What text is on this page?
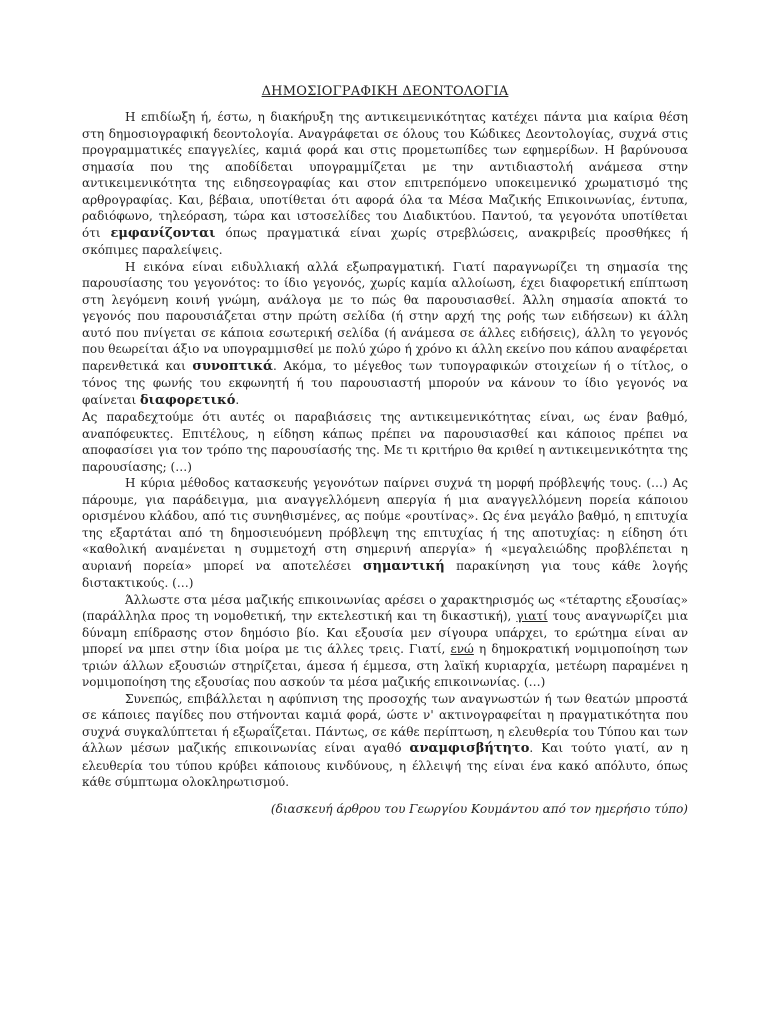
ΔΗΜΟΣΙΟΓΡΑΦΙΚΗ ΔΕΟΝΤΟΛΟΓΙΑ

Η επιδίωξη ή, έστω, η διακήρυξη της αντικειμενικότητας κατέχει πάντα μια καίρια θέση στη δημοσιογραφική δεοντολογία. Αναγράφεται σε όλους του Κώδικες Δεοντολογίας, συχνά στις προγραμματικές επαγγελίες, καμιά φορά και στις προμετωπίδες των εφημερίδων. Η βαρύνουσα σημασία που της αποδίδεται υπογραμμίζεται με την αντιδιαστολή ανάμεσα στην αντικειμενικότητα της ειδησεογραφίας και στον επιτρεπόμενο υποκειμενικό χρωματισμό της αρθρογραφίας. Και, βέβαια, υποτίθεται ότι αφορά όλα τα Μέσα Μαζικής Επικοινωνίας, έντυπα, ραδιόφωνο, τηλεόραση, τώρα και ιστοσελίδες του Διαδικτύου. Παντού, τα γεγονότα υποτίθεται ότι εμφανίζονται όπως πραγματικά είναι χωρίς στρεβλώσεις, ανακριβείς προσθήκες ή σκόπιμες παραλείψεις.

Η εικόνα είναι ειδυλλιακή αλλά εξωπραγματική. Γιατί παραγνωρίζει τη σημασία της παρουσίασης του γεγονότος: το ίδιο γεγονός, χωρίς καμία αλλοίωση, έχει διαφορετική επίπτωση στη λεγόμενη κοινή γνώμη, ανάλογα με το πώς θα παρουσιασθεί. Άλλη σημασία αποκτά το γεγονός που παρουσιάζεται στην πρώτη σελίδα (ή στην αρχή της ροής των ειδήσεων) κι άλλη αυτό που πνίγεται σε κάποια εσωτερική σελίδα (ή ανάμεσα σε άλλες ειδήσεις), άλλη το γεγονός που θεωρείται άξιο να υπογραμμισθεί με πολύ χώρο ή χρόνο κι άλλη εκείνο που κάπου αναφέρεται παρενθετικά και συνοπτικά. Ακόμα, το μέγεθος των τυπογραφικών στοιχείων ή ο τίτλος, ο τόνος της φωνής του εκφωνητή ή του παρουσιαστή μπορούν να κάνουν το ίδιο γεγονός να φαίνεται διαφορετικό.

Ας παραδεχτούμε ότι αυτές οι παραβιάσεις της αντικειμενικότητας είναι, ως έναν βαθμό, αναπόφευκτες. Επιτέλους, η είδηση κάπως πρέπει να παρουσιασθεί και κάποιος πρέπει να αποφασίσει για τον τρόπο της παρουσίασής της. Με τι κριτήριο θα κριθεί η αντικειμενικότητα της παρουσίασης; (…)

Η κύρια μέθοδος κατασκευής γεγονότων παίρνει συχνά τη μορφή πρόβλεψής τους. (…) Ας πάρουμε, για παράδειγμα, μια αναγγελλόμενη απεργία ή μια αναγγελλόμενη πορεία κάποιου ορισμένου κλάδου, από τις συνηθισμένες, ας πούμε «ρουτίνας». Ως ένα μεγάλο βαθμό, η επιτυχία της εξαρτάται από τη δημοσιευόμενη πρόβλεψη της επιτυχίας ή της αποτυχίας: η είδηση ότι «καθολική αναμένεται η συμμετοχή στη σημερινή απεργία» ή «μεγαλειώδης προβλέπεται η αυριανή πορεία» μπορεί να αποτελέσει σημαντική παρακίνηση για τους κάθε λογής διστακτικούς. (…)

Άλλωστε στα μέσα μαζικής επικοινωνίας αρέσει ο χαρακτηρισμός ως «τέταρτης εξουσίας» (παράλληλα προς τη νομοθετική, την εκτελεστική και τη δικαστική), γιατί τους αναγνωρίζει μια δύναμη επίδρασης στον δημόσιο βίο. Και εξουσία μεν σίγουρα υπάρχει, το ερώτημα είναι αν μπορεί να μπει στην ίδια μοίρα με τις άλλες τρεις. Γιατί, ενώ η δημοκρατική νομιμοποίηση των τριών άλλων εξουσιών στηρίζεται, άμεσα ή έμμεσα, στη λαϊκή κυριαρχία, μετέωρη παραμένει η νομιμοποίηση της εξουσίας που ασκούν τα μέσα μαζικής επικοινωνίας. (…)

Συνεπώς, επιβάλλεται η αφύπνιση της προσοχής των αναγνωστών ή των θεατών μπροστά σε κάποιες παγίδες που στήνονται καμιά φορά, ώστε ν' ακτινογραφείται η πραγματικότητα που συχνά συγκαλύπτεται ή εξωραΐζεται. Πάντως, σε κάθε περίπτωση, η ελευθερία του Τύπου και των άλλων μέσων μαζικής επικοινωνίας είναι αγαθό αναμφισβήτητο. Και τούτο γιατί, αν η ελευθερία του τύπου κρύβει κάποιους κινδύνους, η έλλειψή της είναι ένα κακό απόλυτο, όπως κάθε σύμπτωμα ολοκληρωτισμού.

(διασκευή άρθρου του Γεωργίου Κουμάντου από τον ημερήσιο τύπο)
